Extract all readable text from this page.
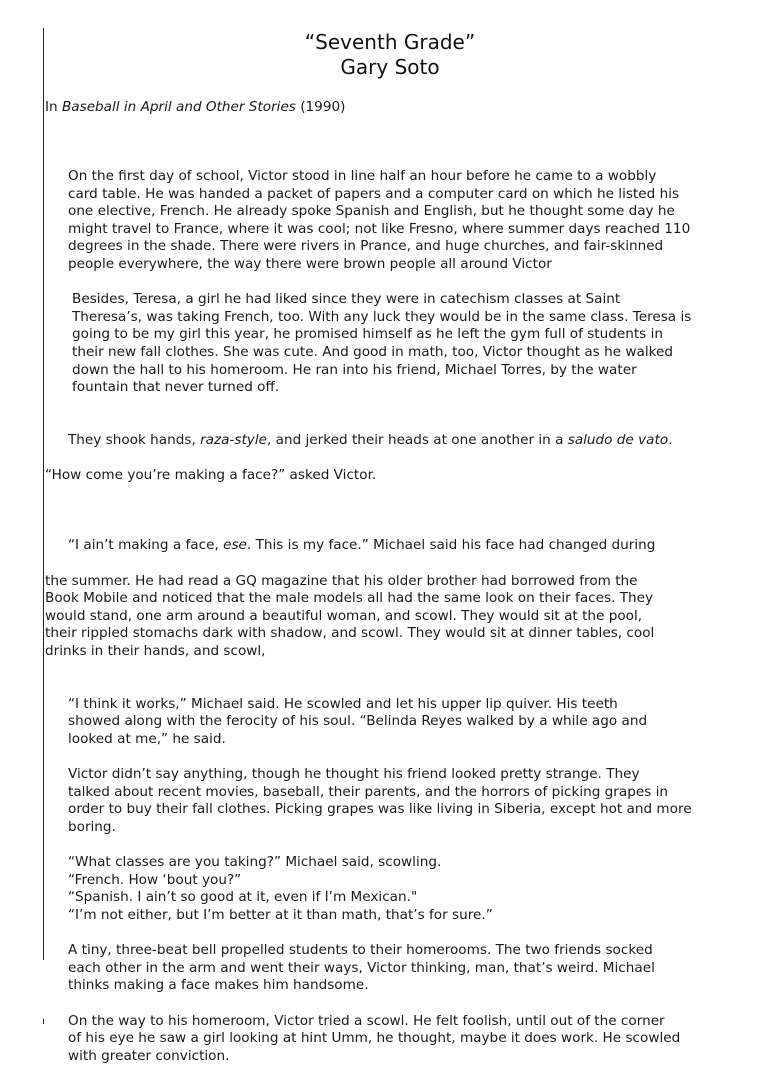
“Seventh Grade”
Gary Soto
In Baseball in April and Other Stories (1990)
On the first day of school, Victor stood in line half an hour before he came to a wobbly
card table. He was handed a packet of papers and a computer card on which he listed his
one elective, French. He already spoke Spanish and English, but he thought some day he
might travel to France, where it was cool; not like Fresno, where summer days reached 110
degrees in the shade. There were rivers in Prance, and huge churches, and fair-skinned
people everywhere, the way there were brown people all around Victor
Besides, Teresa, a girl he had liked since they were in catechism classes at Saint
Theresa’s, was taking French, too. With any luck they would be in the same class. Teresa is
going to be my girl this year, he promised himself as he left the gym full of students in
their new fall clothes. She was cute. And good in math, too, Victor thought as he walked
down the hall to his homeroom. He ran into his friend, Michael Torres, by the water
fountain that never turned off.

They shook hands, raza-style, and jerked their heads at one another in a saludo de vato.

“How come you’re making a face?” asked Victor.

“I ain’t making a face, ese. This is my face.” Michael said his face had changed during

the summer. He had read a GQ magazine that his older brother had borrowed from the
Book Mobile and noticed that the male models all had the same look on their faces. They
would stand, one arm around a beautiful woman, and scowl. They would sit at the pool,
their rippled stomachs dark with shadow, and scowl. They would sit at dinner tables, cool
drinks in their hands, and scowl,

“I think it works,” Michael said. He scowled and let his upper lip quiver. His teeth
showed along with the ferocity of his soul. “Belinda Reyes walked by a while ago and
looked at me,” he said.
Victor didn’t say anything, though he thought his friend looked pretty strange. They
talked about recent movies, baseball, their parents, and the horrors of picking grapes in
order to buy their fall clothes. Picking grapes was like living in Siberia, except hot and more
boring.
“What classes are you taking?” Michael said, scowling.
“French. How ‘bout you?”
“Spanish. I ain’t so good at it, even if I’m Mexican."
“I’m not either, but I’m better at it than math, that’s for sure.”
A tiny, three-beat bell propelled students to their homerooms. The two friends socked
each other in the arm and went their ways, Victor thinking, man, that’s weird. Michael
thinks making a face makes him handsome.
On the way to his homeroom, Victor tried a scowl. He felt foolish, until out of the corner
of his eye he saw a girl looking at hint Umm, he thought, maybe it does work. He scowled
with greater conviction.
